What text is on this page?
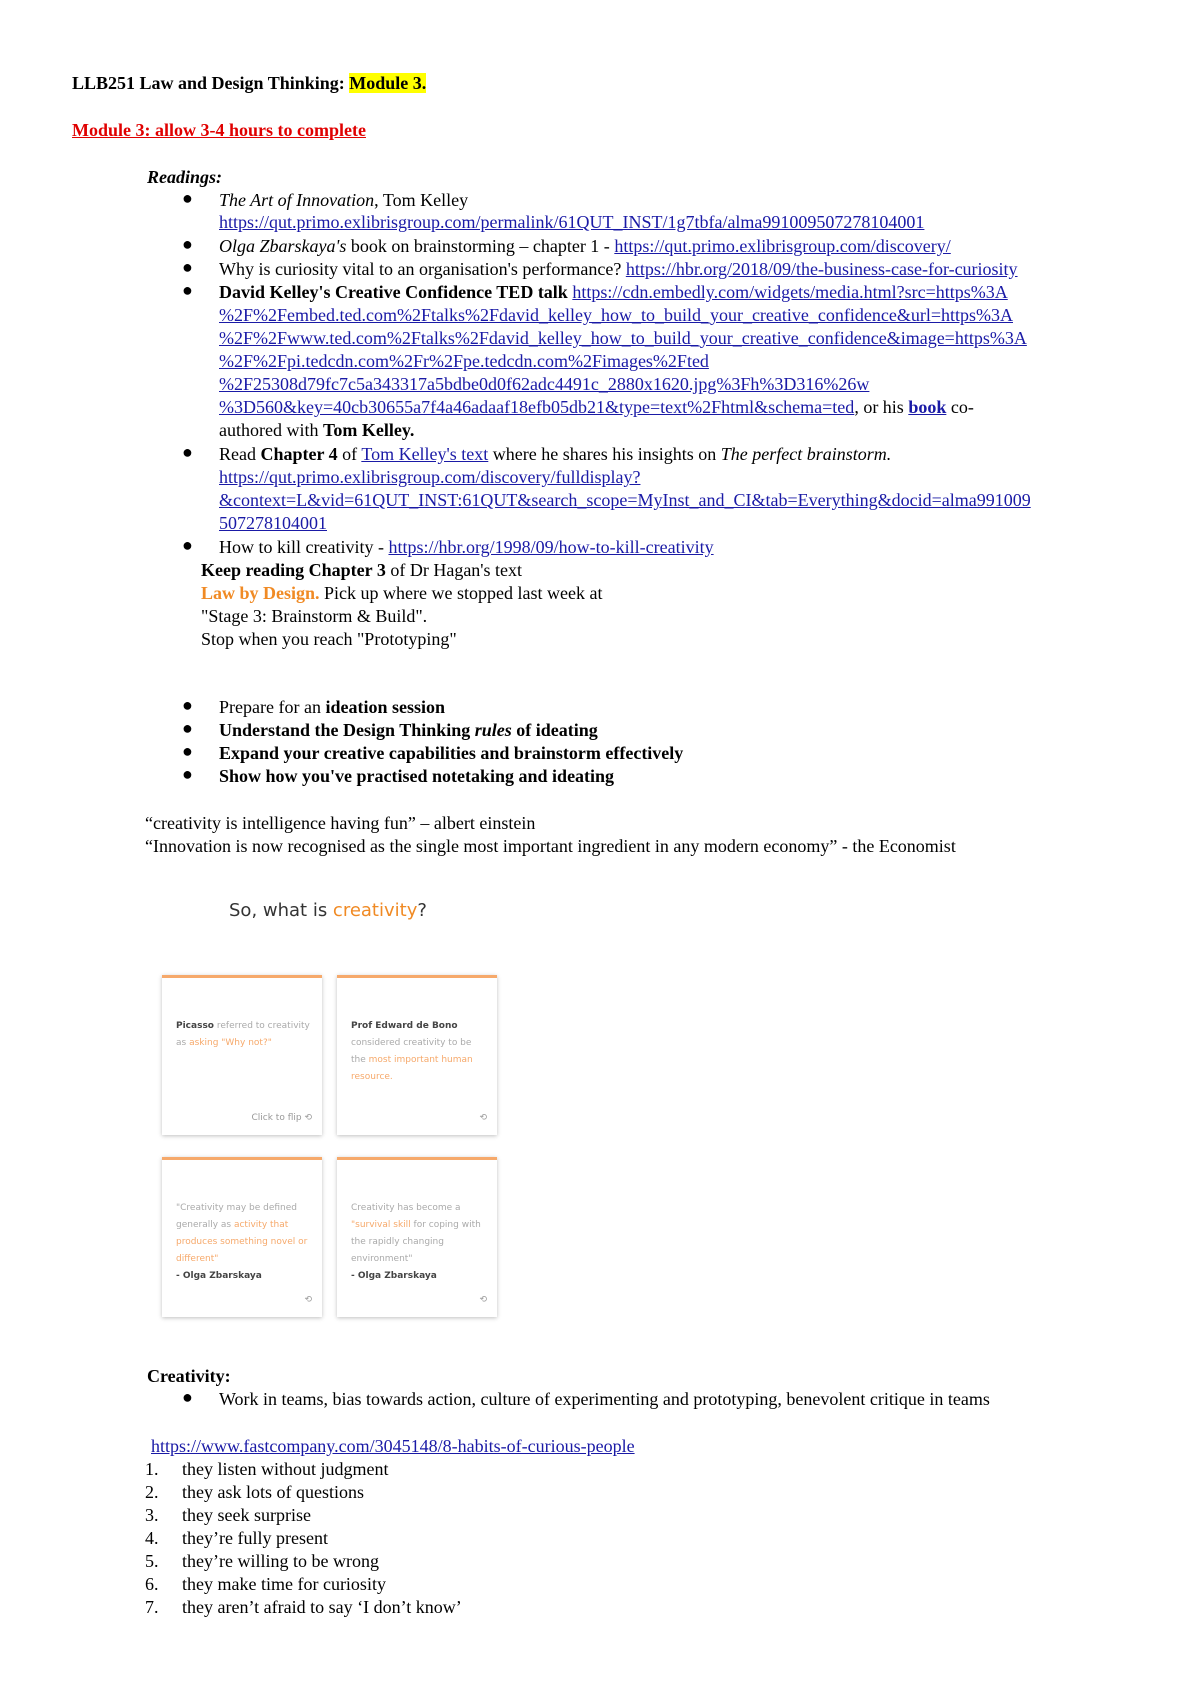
LLB251 Law and Design Thinking: Module 3.
Module 3: allow 3-4 hours to complete
Readings:
● The Art of Innovation, Tom Kelley
https://qut.primo.exlibrisgroup.com/permalink/61QUT_INST/1g7tbfa/alma991009507278104001
● Olga Zbarskaya's book on brainstorming – chapter 1 - https://qut.primo.exlibrisgroup.com/discovery/
● Why is curiosity vital to an organisation's performance? https://hbr.org/2018/09/the-business-case-for-curiosity
● David Kelley's Creative Confidence TED talk https://cdn.embedly.com/widgets/media.html?src=https%3A
%2F%2Fembed.ted.com%2Ftalks%2Fdavid_kelley_how_to_build_your_creative_confidence&url=https%3A
%2F%2Fwww.ted.com%2Ftalks%2Fdavid_kelley_how_to_build_your_creative_confidence&image=https%3A
%2F%2Fpi.tedcdn.com%2Fr%2Fpe.tedcdn.com%2Fimages%2Fted
%2F25308d79fc7c5a343317a5bdbe0d0f62adc4491c_2880x1620.jpg%3Fh%3D316%26w
%3D560&key=40cb30655a7f4a46adaaf18efb05db21&type=text%2Fhtml&schema=ted, or his book co-
authored with Tom Kelley.
● Read Chapter 4 of Tom Kelley's text where he shares his insights on The perfect brainstorm.
https://qut.primo.exlibrisgroup.com/discovery/fulldisplay?
&context=L&vid=61QUT_INST:61QUT&search_scope=MyInst_and_CI&tab=Everything&docid=alma991009
507278104001
● How to kill creativity - https://hbr.org/1998/09/how-to-kill-creativity
Keep reading Chapter 3 of Dr Hagan's text
Law by Design. Pick up where we stopped last week at
"Stage 3: Brainstorm & Build".
Stop when you reach "Prototyping"
● Prepare for an ideation session
● Understand the Design Thinking rules of ideating
● Expand your creative capabilities and brainstorm effectively
● Show how you've practised notetaking and ideating
“creativity is intelligence having fun” – albert einstein
“Innovation is now recognised as the single most important ingredient in any modern economy” - the Economist
So, what is creativity?
Picasso referred to creativity as asking "Why not?"
Click to flip ⟲
Prof Edward de Bono considered creativity to be the most important human resource.
⟲
"Creativity may be defined generally as activity that produces something novel or different"
- Olga Zbarskaya
⟲
Creativity has become a "survival skill for coping with the rapidly changing environment"
- Olga Zbarskaya
⟲
Creativity:
● Work in teams, bias towards action, culture of experimenting and prototyping, benevolent critique in teams
https://www.fastcompany.com/3045148/8-habits-of-curious-people
1.	they listen without judgment
2.	they ask lots of questions
3.	they seek surprise
4.	they’re fully present
5.	they’re willing to be wrong
6.	they make time for curiosity
7.	they aren’t afraid to say ‘I don’t know’
